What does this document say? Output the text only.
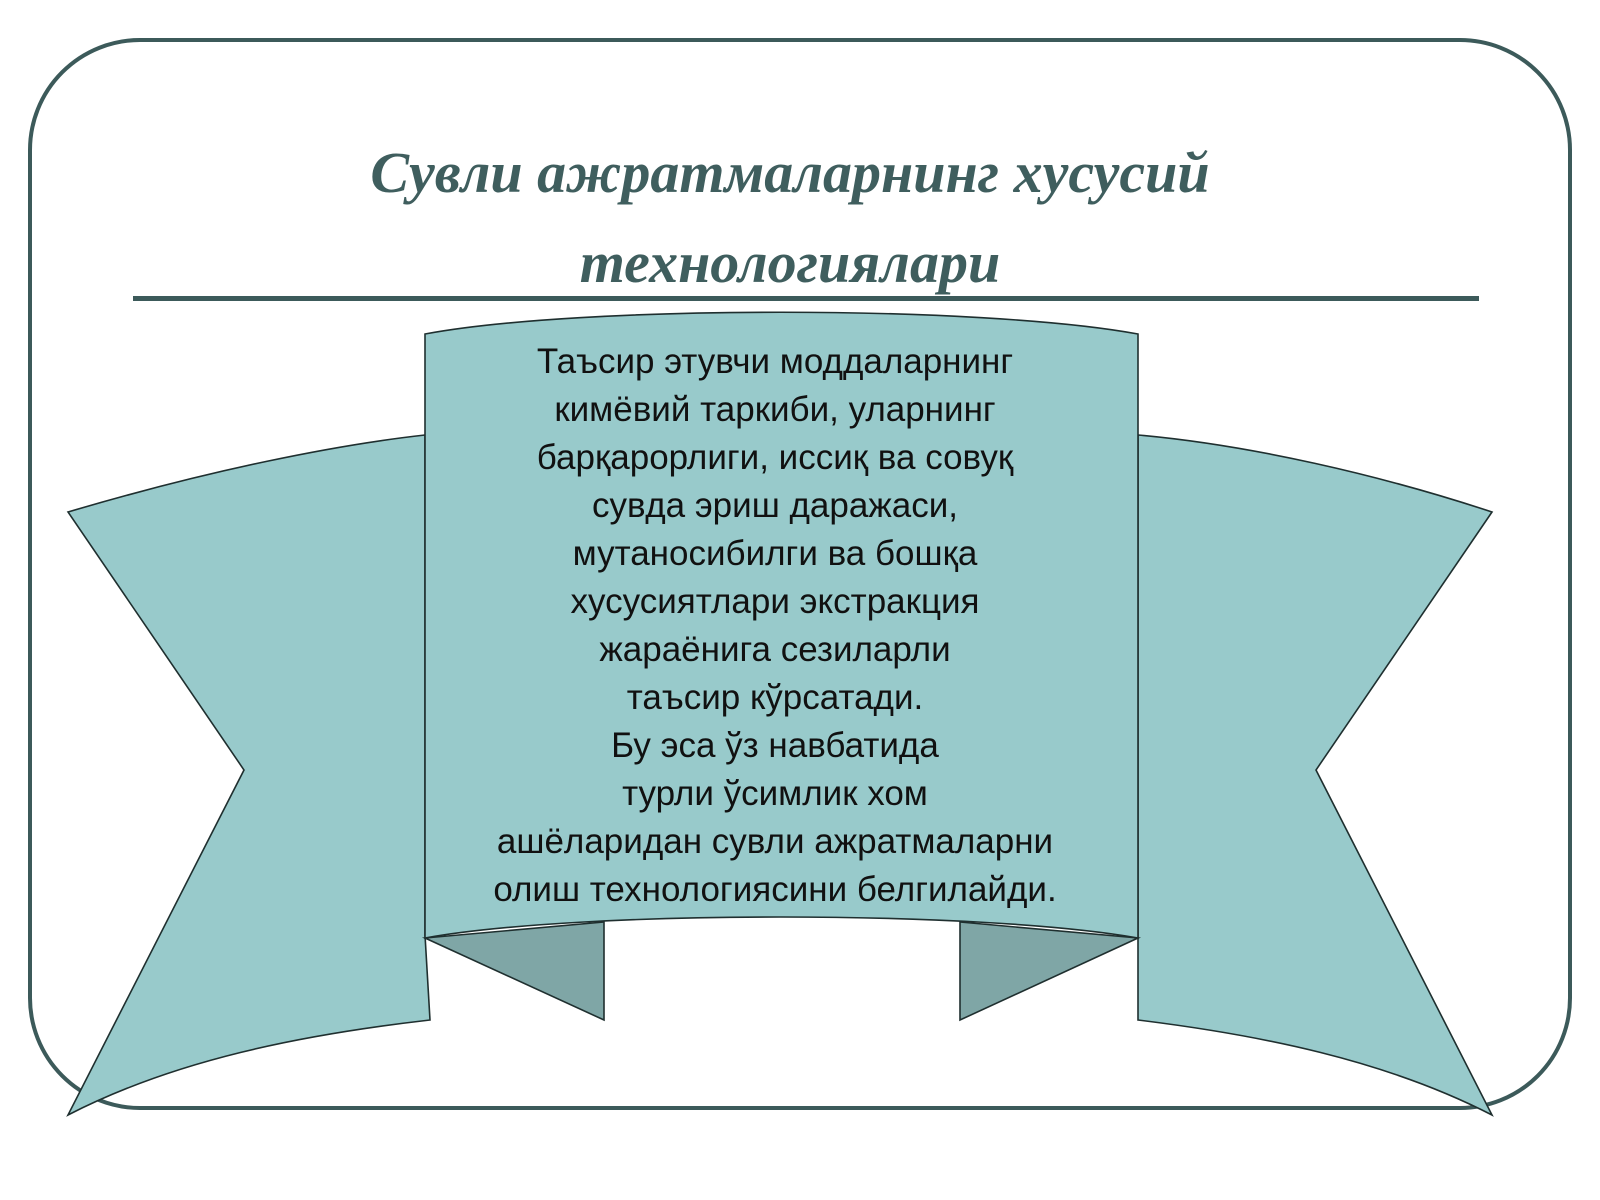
Сувли ажратмаларнинг хусусий
технологиялари

Таъсир этувчи моддаларнинг
кимёвий таркиби, уларнинг
барқарорлиги, иссиқ ва совуқ
сувда эриш даражаси,
мутаносибилги ва бошқа
хусусиятлари экстракция
жараёнига сезиларли
таъсир кўрсатади.
Бу эса ўз навбатида
турли ўсимлик хом
ашёларидан сувли ажратмаларни
олиш технологиясини белгилайди.
